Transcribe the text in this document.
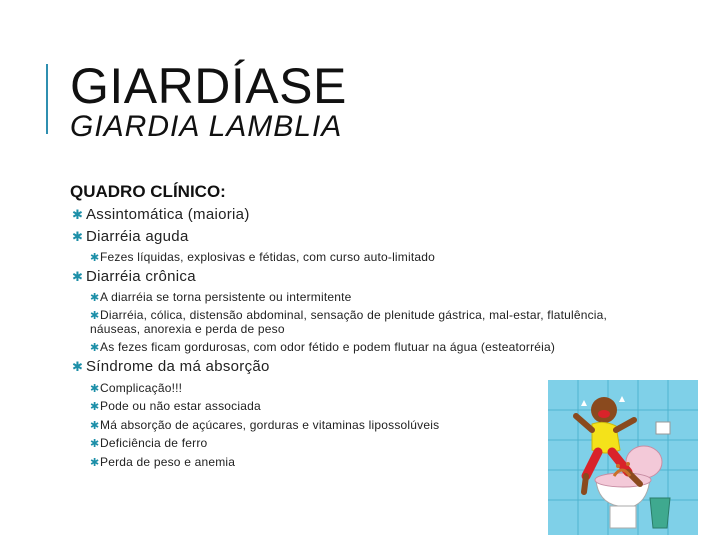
GIARDÍASE
GIARDIA LAMBLIA
QUADRO CLÍNICO:
✱ Assintomática (maioria)
✱ Diarréia aguda
✱Fezes líquidas, explosivas e fétidas, com curso auto-limitado
✱ Diarréia crônica
✱A diarréia se torna persistente ou intermitente
✱Diarréia, cólica, distensão abdominal, sensação de plenitude gástrica, mal-estar, flatulência, náuseas, anorexia e perda de peso
✱As fezes ficam gordurosas, com odor fétido e podem flutuar na água (esteatorréia)
✱ Síndrome da má absorção
✱Complicação!!!
✱Pode ou não estar associada
✱Má absorção de açúcares, gorduras e vitaminas lipossolúveis
✱Deficiência de ferro
✱Perda de peso e anemia
